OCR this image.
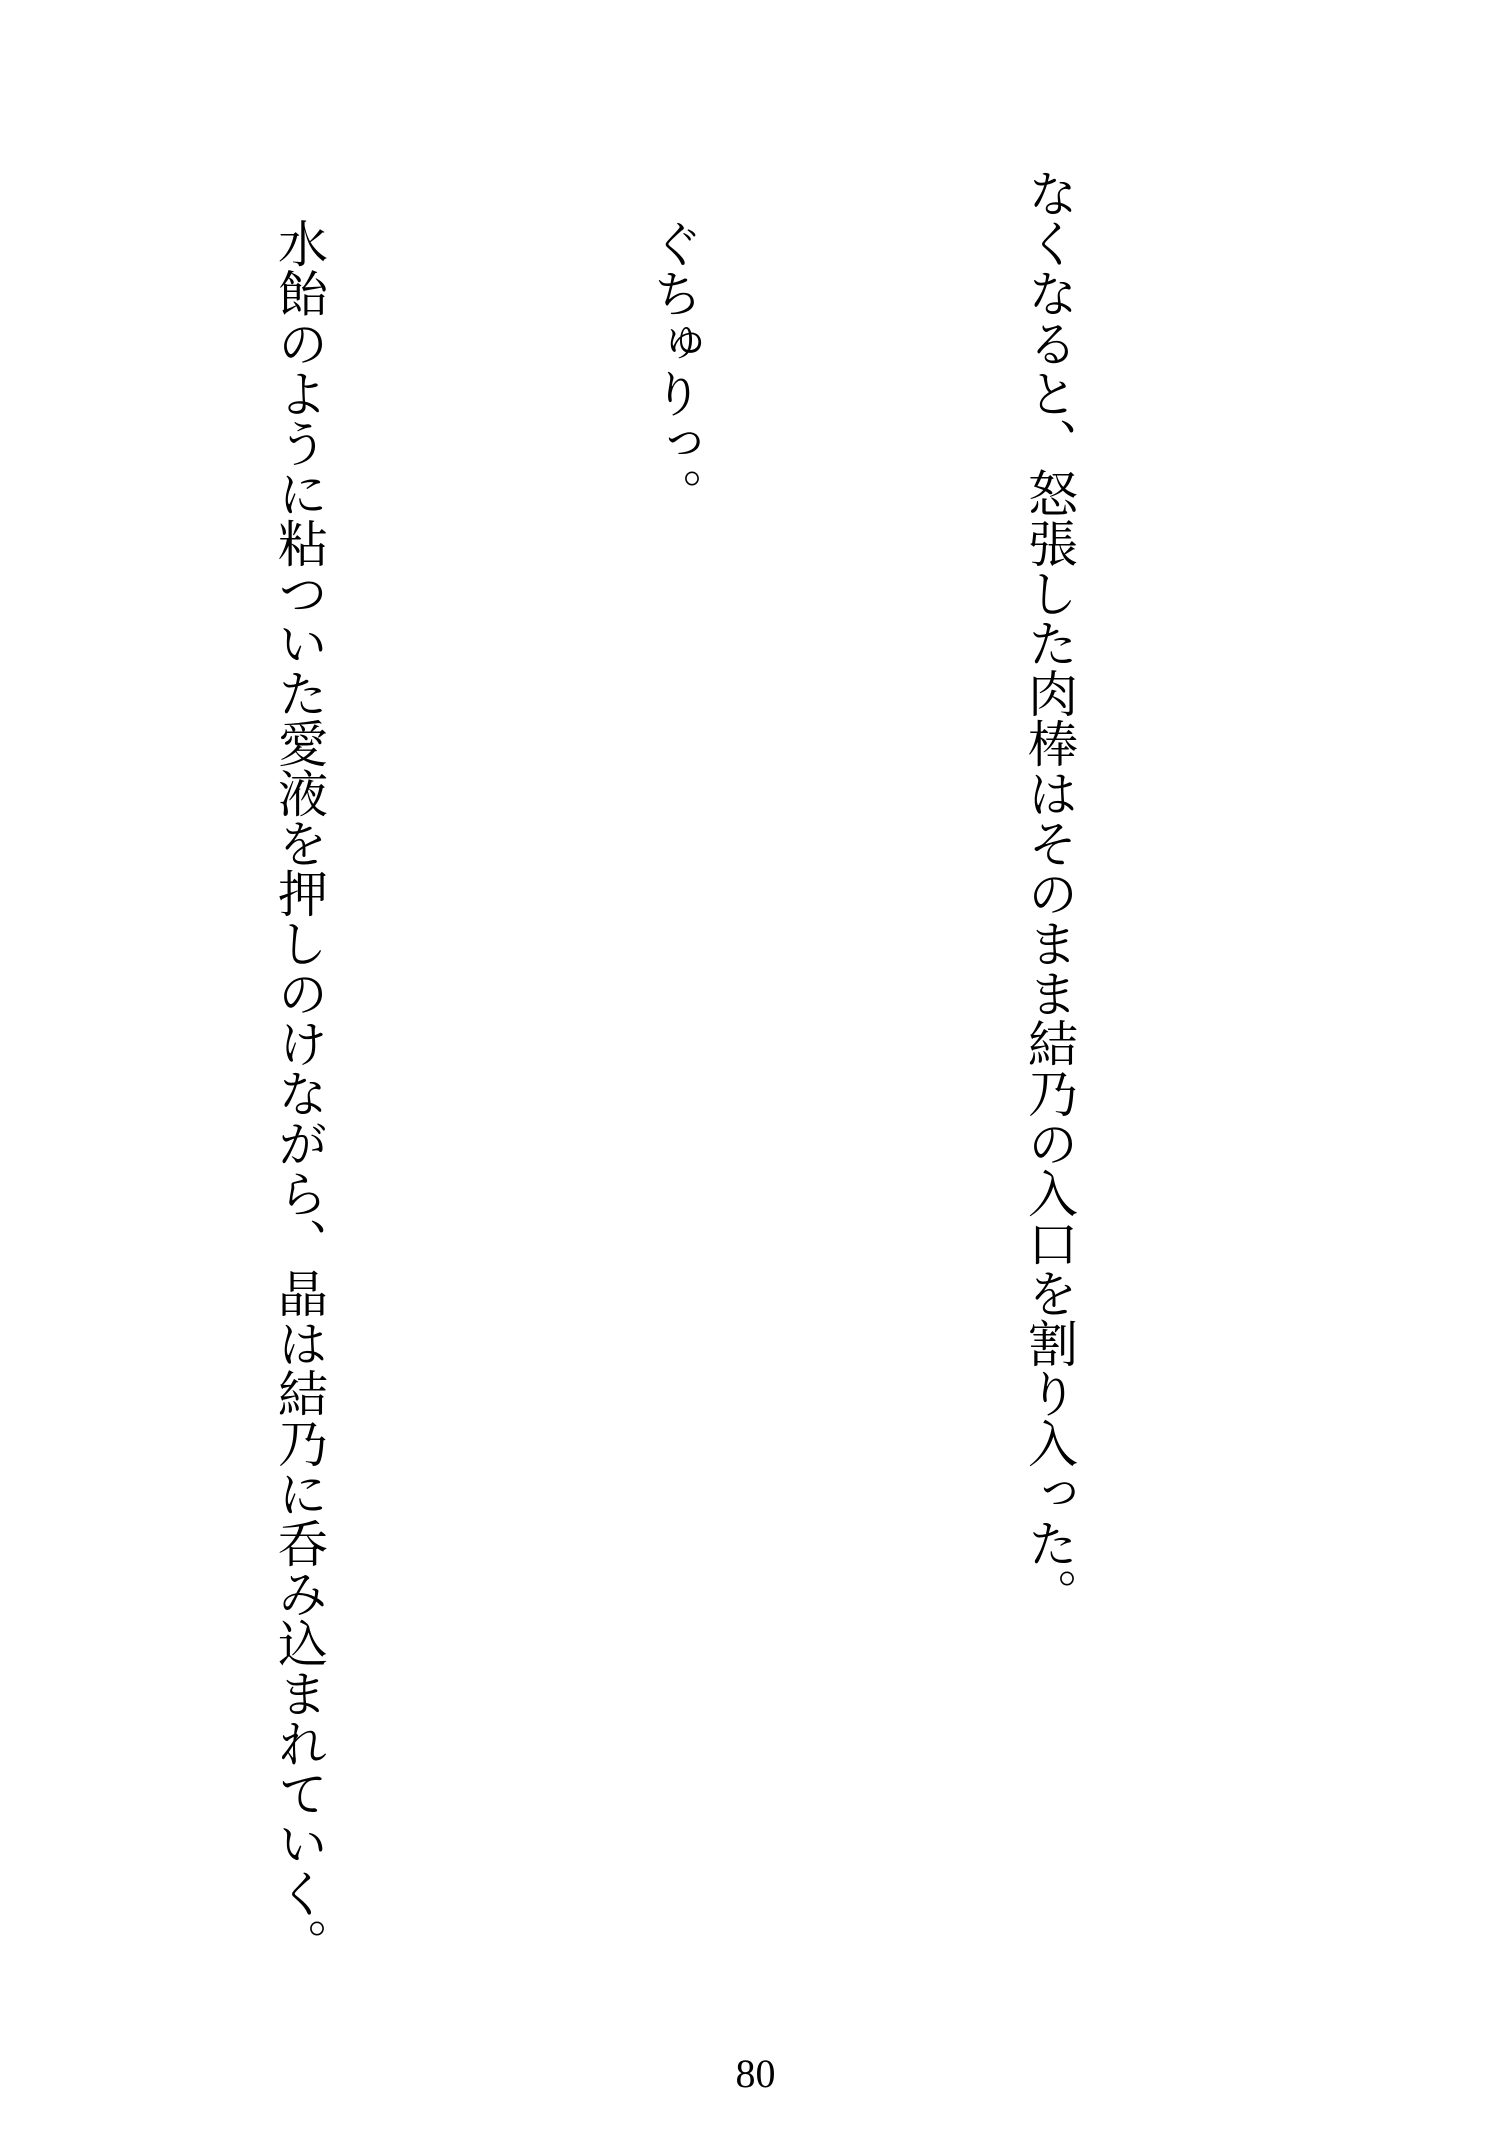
なくなると、怒張した肉棒はそのまま結乃の入口を割り入った。

　ぐちゅりっ。

　水飴のように粘ついた愛液を押しのけながら、晶は結乃に呑み込まれていく。

80
